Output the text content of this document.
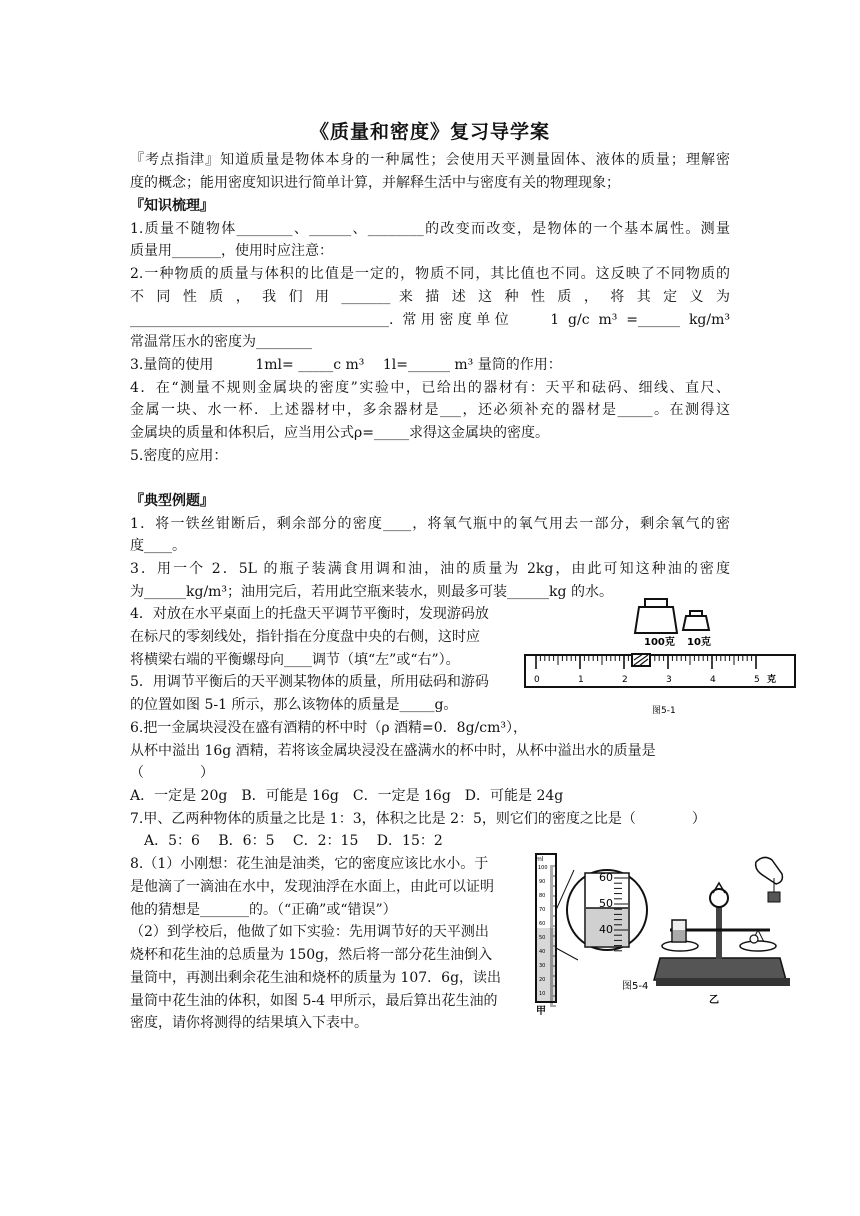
《质量和密度》复习导学案
『考点指津』知道质量是物体本身的一种属性；会使用天平测量固体、液体的质量；理解密
度的概念；能用密度知识进行简单计算，并解释生活中与密度有关的物理现象；
『知识梳理』
1.质量不随物体________、______、________的改变而改变，是物体的一个基本属性。测量
质量用_______，使用时应注意：
2.一种物质的质量与体积的比值是一定的，物质不同，其比值也不同。这反映了不同物质的
不 同 性 质 ， 我 们 用 _______ 来 描 述 这 种 性 质 ， 将 其 定 义 为
_____________________________________. 常用密度单位　　1 g/c m³ =______ kg/m³
常温常压水的密度为________
3.量筒的使用　　　1ml= _____c m³　 1l=______ m³ 量筒的作用：
4．在“测量不规则金属块的密度”实验中，已给出的器材有：天平和砝码、细线、直尺、
金属一块、水一杯．上述器材中，多余器材是___，还必须补充的器材是_____。在测得这
金属块的质量和体积后，应当用公式ρ=_____求得这金属块的密度。
5.密度的应用：
『典型例题』
1．将一铁丝钳断后，剩余部分的密度____，将氧气瓶中的氧气用去一部分，剩余氧气的密
度____。
3．用一个 2．5L 的瓶子装满食用调和油，油的质量为 2kg，由此可知这种油的密度
为______kg/m³；油用完后，若用此空瓶来装水，则最多可装______kg 的水。
4．对放在水平桌面上的托盘天平调节平衡时，发现游码放
在标尺的零刻线处，指针指在分度盘中央的右侧，这时应
将横梁右端的平衡螺母向____调节（填“左”或“右”）。
5．用调节平衡后的天平测某物体的质量，所用砝码和游码
的位置如图 5-1 所示，那么该物体的质量是_____g。
6.把一金属块浸没在盛有酒精的杯中时（ρ 酒精=0．8g/cm³），
从杯中溢出 16g 酒精，若将该金属块浸没在盛满水的杯中时，从杯中溢出水的质量是
（　　　　）
A．一定是 20g　B．可能是 16g　C．一定是 16g　D．可能是 24g
7.甲、乙两种物体的质量之比是 1：3，体积之比是 2：5，则它们的密度之比是（　　　　）
　A．5：6　 B．6：5　 C．2：15　 D．15：2
8.（1）小刚想：花生油是油类，它的密度应该比水小。于
是他滴了一滴油在水中，发现油浮在水面上，由此可以证明
他的猜想是_______的。（“正确”或“错误”）
（2）到学校后，他做了如下实验：先用调节好的天平测出
烧杯和花生油的总质量为 150g，然后将一部分花生油倒入
量筒中，再测出剩余花生油和烧杯的质量为 107．6g，读出
量筒中花生油的体积，如图 5-4 甲所示，最后算出花生油的
密度，请你将测得的结果填入下表中。
100克 10克
0	1	2	3	4	5 克
图5-1
ml
100
90
80
70
60
50
40
30
20
10
甲
60
50
40
图5-4
乙
